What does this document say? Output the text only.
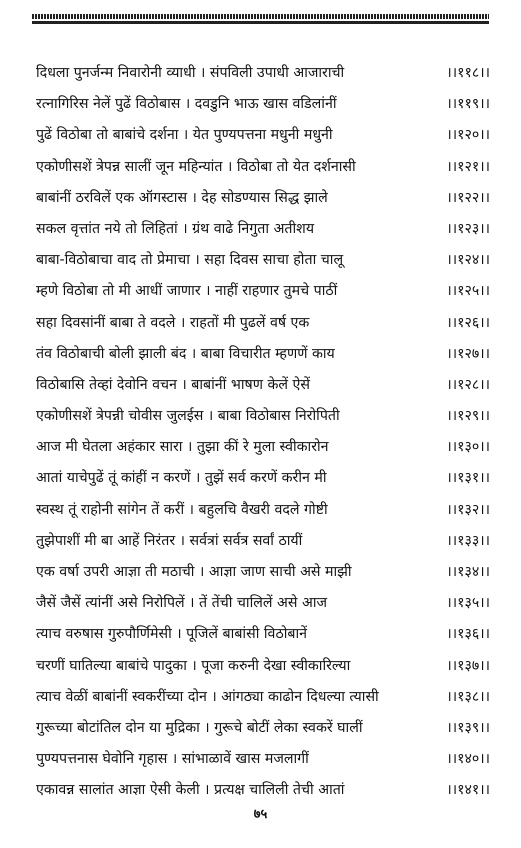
दिधला पुनर्जन्म निवारोनी व्याधी । संपविली उपाधी आजाराची	।।११८।।
रत्नागिरिस नेलें पुढें विठोबास । दवडुनि भाऊ खास वडिलांनीं	।।११९।।
पुढें विठोबा तो बाबांचे दर्शना । येत पुण्यपत्तना मधुनी मधुनी	।।१२०।।
एकोणीसशें त्रेपन्न सालीं जून महिन्यांत । विठोबा तो येत दर्शनासी	।।१२१।।
बाबांनीं ठरविलें एक ऑगस्टास । देह सोडण्यास सिद्ध झाले	।।१२२।।
सकल वृत्तांत नये तो लिहितां । ग्रंथ वाढे निगुता अतीशय	।।१२३।।
बाबा-विठोबाचा वाद तो प्रेमाचा । सहा दिवस साचा होता चालू	।।१२४।।
म्हणे विठोबा तो मी आधीं जाणार । नाहीं राहणार तुमचे पाठीं	।।१२५।।
सहा दिवसांनीं बाबा ते वदले । राहतों मी पुढलें वर्ष एक	।।१२६।।
तंव विठोबाची बोली झाली बंद । बाबा विचारीत म्हणणें काय	।।१२७।।
विठोबासि तेव्हां देवोनि वचन । बाबांनीं भाषण केलें ऐसें	।।१२८।।
एकोणीसशें त्रेपन्नी चोवीस जुलईस । बाबा विठोबास निरोपिती	।।१२९।।
आज मी घेतला अहंकार सारा । तुझा कीं रे मुला स्वीकारोन	।।१३०।।
आतां याचेपुढें तूं कांहीं न करणें । तुझें सर्व करणें करीन मी	।।१३१।।
स्वस्थ तूं राहोनी सांगेन तें करीं । बहुलचि वैखरी वदले गोष्टी	।।१३२।।
तुझेपाशीं मी बा आहें निरंतर । सर्वत्रां सर्वत्र सर्वां ठायीं	।।१३३।।
एक वर्षा उपरी आज्ञा ती मठाची । आज्ञा जाण साची असे माझी	।।१३४।।
जैसें जैसें त्यांनीं असे निरोपिलें । तें तेंची चालिलें असे आज	।।१३५।।
त्याच वरुषास गुरुपौर्णिमेसी । पूजिलें बाबांसी विठोबानें	।।१३६।।
चरणीं घातिल्या बाबांचे पादुका । पूजा करुनी देखा स्वीकारिल्या	।।१३७।।
त्याच वेळीं बाबांनीं स्वकरींच्या दोन । आंगठ्या काढोन दिधल्या त्यासी	।।१३८।।
गुरूच्या बोटांतिल दोन या मुद्रिका । गुरूचे बोटीं लेका स्वकरें घालीं	।।१३९।।
पुण्यपत्तनास घेवोनि गृहास । सांभाळावें खास मजलागीं	।।१४०।।
एकावन्न सालांत आज्ञा ऐसी केली । प्रत्यक्ष चालिली तेची आतां	।।१४१।।
७५
